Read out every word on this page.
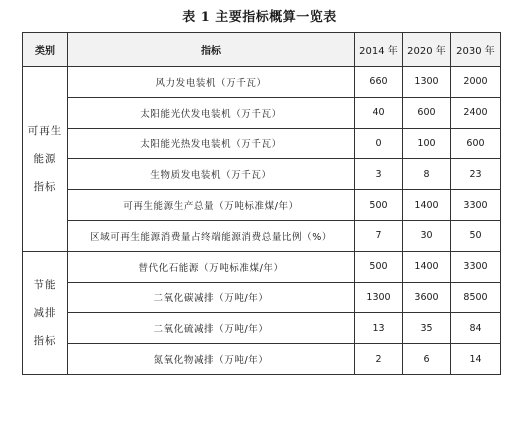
表 1 主要指标概算一览表
类别	指标	2014 年	2020 年	2030 年

可再生
能源
指标	风力发电装机（万千瓦）	660	1300	2000
	太阳能光伏发电装机（万千瓦）	40	600	2400
	太阳能光热发电装机（万千瓦）	0	100	600
	生物质发电装机（万千瓦）	3	8	23
	可再生能源生产总量（万吨标准煤/年）	500	1400	3300
	区域可再生能源消费量占终端能源消费总量比例（%）	7	30	50

节能
减排
指标	替代化石能源（万吨标准煤/年）	500	1400	3300
	二氧化碳减排（万吨/年）	1300	3600	8500
	二氧化硫减排（万吨/年）	13	35	84
	氮氧化物减排（万吨/年）	2	6	14
